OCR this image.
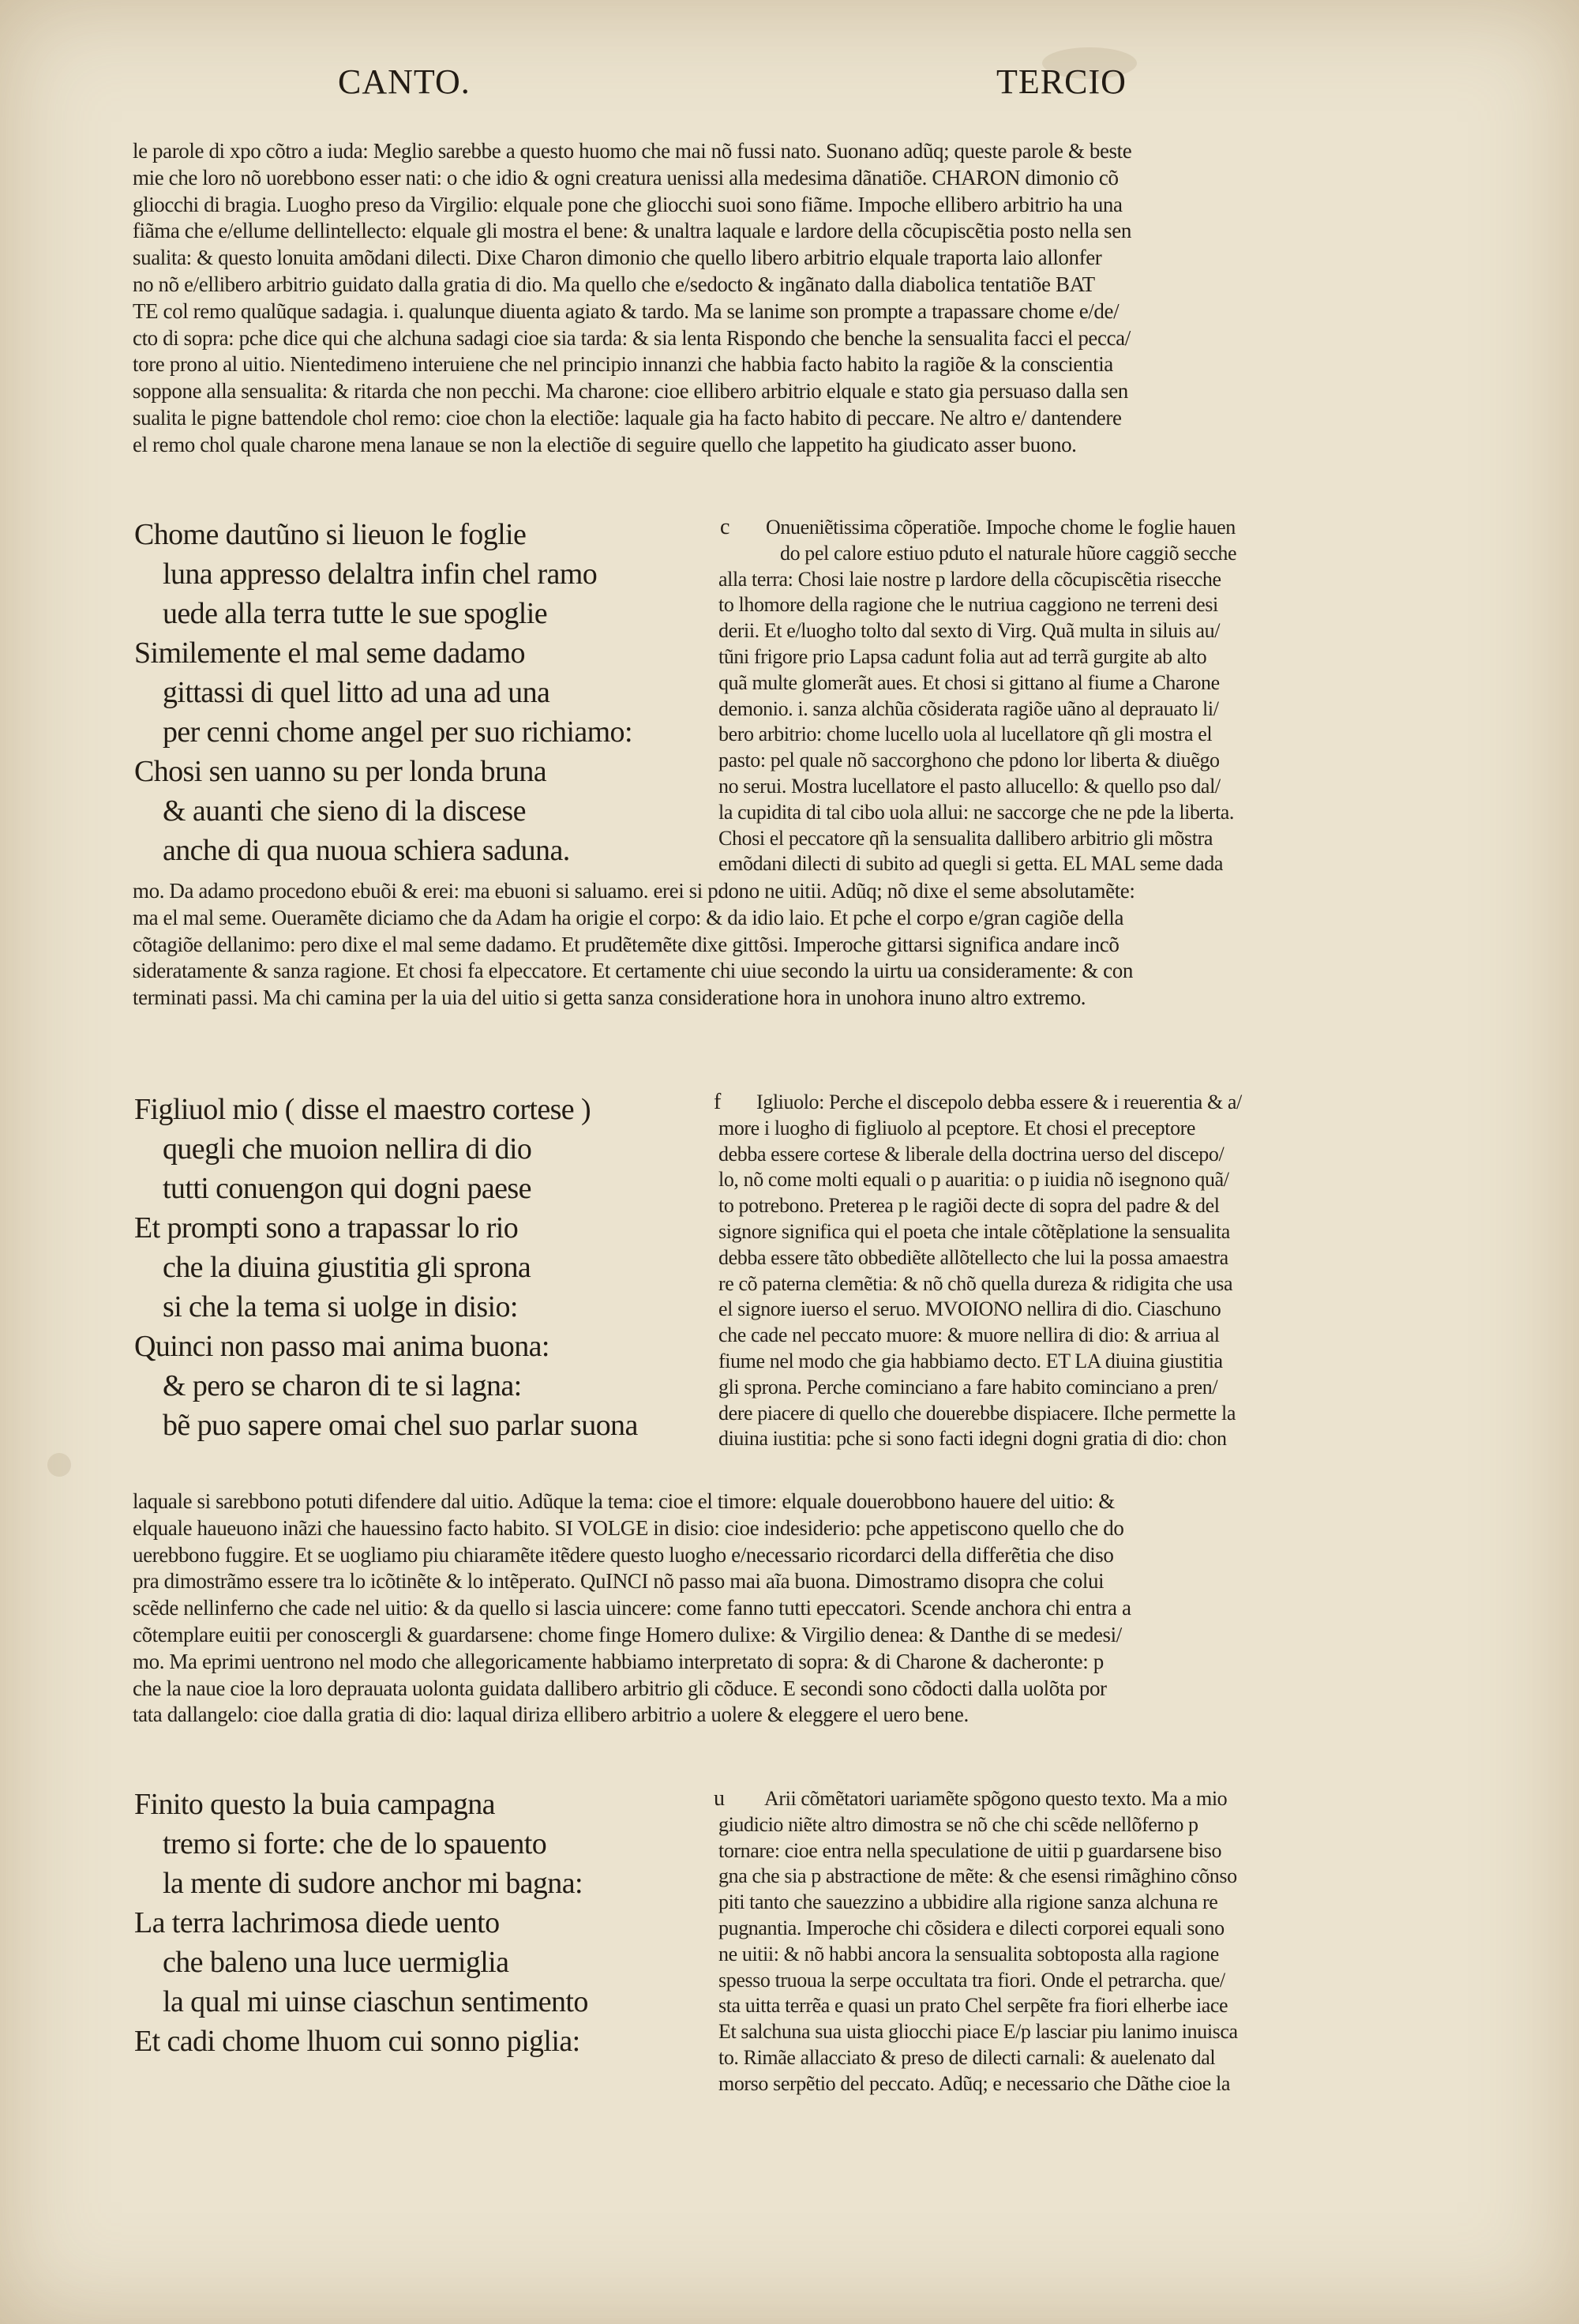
CANTO.	TERCIO
le parole di xpo cõtro a iuda: Meglio sarebbe a questo huomo che mai nõ fussi nato. Suonano adũq; queste parole & beste
mie che loro nõ uorebbono esser nati: o che idio & ogni creatura uenissi alla medesima dãnatiõe. CHARON dimonio cõ
gliocchi di bragia. Luogho preso da Virgilio: elquale pone che gliocchi suoi sono fiãme. Impoche ellibero arbitrio ha una
fiãma che e/ellume dellintellecto: elquale gli mostra el bene: & unaltra laquale e lardore della cõcupiscẽtia posto nella sen
sualita: & questo lonuita amõdani dilecti. Dixe Charon dimonio che quello libero arbitrio elquale traporta laio allonfer
no nõ e/ellibero arbitrio guidato dalla gratia di dio. Ma quello che e/sedocto & ingãnato dalla diabolica tentatiõe BAT
TE col remo qualũque sadagia. i. qualunque diuenta agiato & tardo. Ma se lanime son prompte a trapassare chome e/de/
cto di sopra: pche dice qui che alchuna sadagi cioe sia tarda: & sia lenta Rispondo che benche la sensualita facci el pecca/
tore prono al uitio. Nientedimeno interuiene che nel principio innanzi che habbia facto habito la ragiõe & la conscientia
soppone alla sensualita: & ritarda che non pecchi. Ma charone: cioe ellibero arbitrio elquale e stato gia persuaso dalla sen
sualita le pigne battendole chol remo: cioe chon la electiõe: laquale gia ha facto habito di peccare. Ne altro e/ dantendere
el remo chol quale charone mena lanaue se non la electiõe di seguire quello che lappetito ha giudicato asser buono.
Chome dautũno si lieuon le foglie
luna appresso delaltra infin chel ramo
uede alla terra tutte le sue spoglie
Similemente el mal seme dadamo
gittassi di quel litto ad una ad una
per cenni chome angel per suo richiamo:
Chosi sen uanno su per londa bruna
& auanti che sieno di la discese
anche di qua nuoua schiera saduna.
c Onueniẽtissima cõperatiõe. Impoche chome le foglie hauen
do pel calore estiuo pduto el naturale hũore caggiõ secche
alla terra: Chosi laie nostre p lardore della cõcupiscẽtia risecche
to lhomore della ragione che le nutriua caggiono ne terreni desi
derii. Et e/luogho tolto dal sexto di Virg. Quã multa in siluis au/
tũni frigore prio Lapsa cadunt folia aut ad terrã gurgite ab alto
quã multe glomerãt aues. Et chosi si gittano al fiume a Charone
demonio. i. sanza alchũa cõsiderata ragiõe uãno al deprauato li/
bero arbitrio: chome lucello uola al lucellatore qñ gli mostra el
pasto: pel quale nõ saccorghono che pdono lor liberta & diuẽgo
no serui. Mostra lucellatore el pasto allucello: & quello pso dal/
la cupidita di tal cibo uola allui: ne saccorge che ne pde la liberta.
Chosi el peccatore qñ la sensualita dallibero arbitrio gli mõstra
emõdani dilecti di subito ad quegli si getta. EL MAL seme dada
mo. Da adamo procedono ebuõi & erei: ma ebuoni si saluamo. erei si pdono ne uitii. Adũq; nõ dixe el seme absolutamẽte:
ma el mal seme. Oueramẽte diciamo che da Adam ha origie el corpo: & da idio laio. Et pche el corpo e/gran cagiõe della
cõtagiõe dellanimo: pero dixe el mal seme dadamo. Et prudẽtemẽte dixe gittõsi. Imperoche gittarsi significa andare incõ
sideratamente & sanza ragione. Et chosi fa elpeccatore. Et certamente chi uiue secondo la uirtu ua consideramente: & con
terminati passi. Ma chi camina per la uia del uitio si getta sanza consideratione hora in unohora inuno altro extremo.
Figliuol mio ( disse el maestro cortese )
quegli che muoion nellira di dio
tutti conuengon qui dogni paese
Et prompti sono a trapassar lo rio
che la diuina giustitia gli sprona
si che la tema si uolge in disio:
Quinci non passo mai anima buona:
& pero se charon di te si lagna:
bẽ puo sapere omai chel suo parlar suona
f Igliuolo: Perche el discepolo debba essere & i reuerentia & a/
more i luogho di figliuolo al pceptore. Et chosi el preceptore
debba essere cortese & liberale della doctrina uerso del discepo/
lo, nõ come molti equali o p auaritia: o p iuidia nõ isegnono quã/
to potrebono. Preterea p le ragiõi decte di sopra del padre & del
signore significa qui el poeta che intale cõtẽplatione la sensualita
debba essere tãto obbediẽte allõtellecto che lui la possa amaestra
re cõ paterna clemẽtia: & nõ chõ quella dureza & ridigita che usa
el signore iuerso el seruo. MVOIONO nellira di dio. Ciaschuno
che cade nel peccato muore: & muore nellira di dio: & arriua al
fiume nel modo che gia habbiamo decto. ET LA diuina giustitia
gli sprona. Perche cominciano a fare habito cominciano a pren/
dere piacere di quello che douerebbe dispiacere. Ilche permette la
diuina iustitia: pche si sono facti idegni dogni gratia di dio: chon
laquale si sarebbono potuti difendere dal uitio. Adũque la tema: cioe el timore: elquale douerobbono hauere del uitio: &
elquale haueuono inãzi che hauessino facto habito. SI VOLGE in disio: cioe indesiderio: pche appetiscono quello che do
uerebbono fuggire. Et se uogliamo piu chiaramẽte itẽdere questo luogho e/necessario ricordarci della differẽtia che diso
pra dimostrãmo essere tra lo icõtinẽte & lo intẽperato. QuINCI nõ passo mai aĩa buona. Dimostramo disopra che colui
scẽde nellinferno che cade nel uitio: & da quello si lascia uincere: come fanno tutti epeccatori. Scende anchora chi entra a
cõtemplare euitii per conoscergli & guardarsene: chome finge Homero dulixe: & Virgilio denea: & Danthe di se medesi/
mo. Ma eprimi uentrono nel modo che allegoricamente habbiamo interpretato di sopra: & di Charone & dacheronte: p
che la naue cioe la loro deprauata uolonta guidata dallibero arbitrio gli cõduce. E secondi sono cõdocti dalla uolõta por
tata dallangelo: cioe dalla gratia di dio: laqual diriza ellibero arbitrio a uolere & eleggere el uero bene.
Finito questo la buia campagna
tremo si forte: che de lo spauento
la mente di sudore anchor mi bagna:
La terra lachrimosa diede uento
che baleno una luce uermiglia
la qual mi uinse ciaschun sentimento
Et cadi chome lhuom cui sonno piglia:
u Arii cõmẽtatori uariamẽte spõgono questo texto. Ma a mio
giudicio niẽte altro dimostra se nõ che chi scẽde nellõferno p
tornare: cioe entra nella speculatione de uitii p guardarsene biso
gna che sia p abstractione de mẽte: & che esensi rimãghino cõnso
piti tanto che sauezzino a ubbidire alla rigione sanza alchuna re
pugnantia. Imperoche chi cõsidera e dilecti corporei equali sono
ne uitii: & nõ habbi ancora la sensualita sobtoposta alla ragione
spesso truoua la serpe occultata tra fiori. Onde el petrarcha. que/
sta uitta terrẽa e quasi un prato Chel serpẽte fra fiori elherbe iace
Et salchuna sua uista gliocchi piace E/p lasciar piu lanimo inuisca
to. Rimãe allacciato & preso de dilecti carnali: & auelenato dal
morso serpẽtio del peccato. Adũq; e necessario che Dãthe cioe la
